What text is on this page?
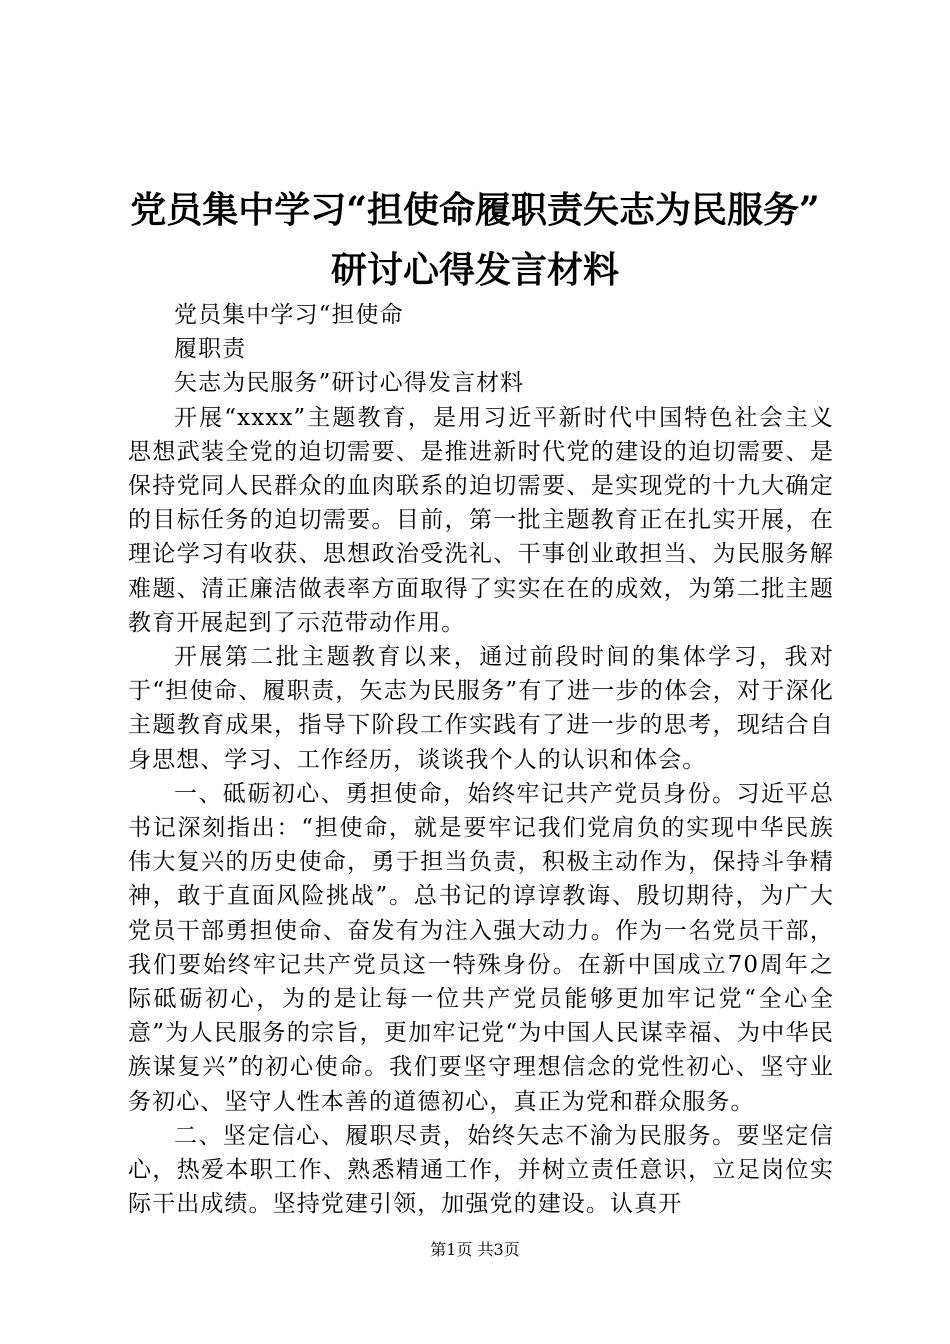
党员集中学习“担使命履职责矢志为民服务”
研讨心得发言材料

党员集中学习“担使命

履职责

矢志为民服务”研讨心得发言材料

开展“xxxx”主题教育，是用习近平新时代中国特色社会主义思想武装全党的迫切需要、是推进新时代党的建设的迫切需要、是保持党同人民群众的血肉联系的迫切需要、是实现党的十九大确定的目标任务的迫切需要。目前，第一批主题教育正在扎实开展，在理论学习有收获、思想政治受洗礼、干事创业敢担当、为民服务解难题、清正廉洁做表率方面取得了实实在在的成效，为第二批主题教育开展起到了示范带动作用。

开展第二批主题教育以来，通过前段时间的集体学习，我对于“担使命、履职责，矢志为民服务”有了进一步的体会，对于深化主题教育成果，指导下阶段工作实践有了进一步的思考，现结合自身思想、学习、工作经历，谈谈我个人的认识和体会。

一、砥砺初心、勇担使命，始终牢记共产党员身份。习近平总书记深刻指出：“担使命，就是要牢记我们党肩负的实现中华民族伟大复兴的历史使命，勇于担当负责，积极主动作为，保持斗争精神，敢于直面风险挑战”。总书记的谆谆教诲、殷切期待，为广大党员干部勇担使命、奋发有为注入强大动力。作为一名党员干部，我们要始终牢记共产党员这一特殊身份。在新中国成立70周年之际砥砺初心，为的是让每一位共产党员能够更加牢记党“全心全意”为人民服务的宗旨，更加牢记党“为中国人民谋幸福、为中华民族谋复兴”的初心使命。我们要坚守理想信念的党性初心、坚守业务初心、坚守人性本善的道德初心，真正为党和群众服务。

二、坚定信心、履职尽责，始终矢志不渝为民服务。要坚定信心，热爱本职工作、熟悉精通工作，并树立责任意识，立足岗位实际干出成绩。坚持党建引领，加强党的建设。认真开

第1页 共3页
